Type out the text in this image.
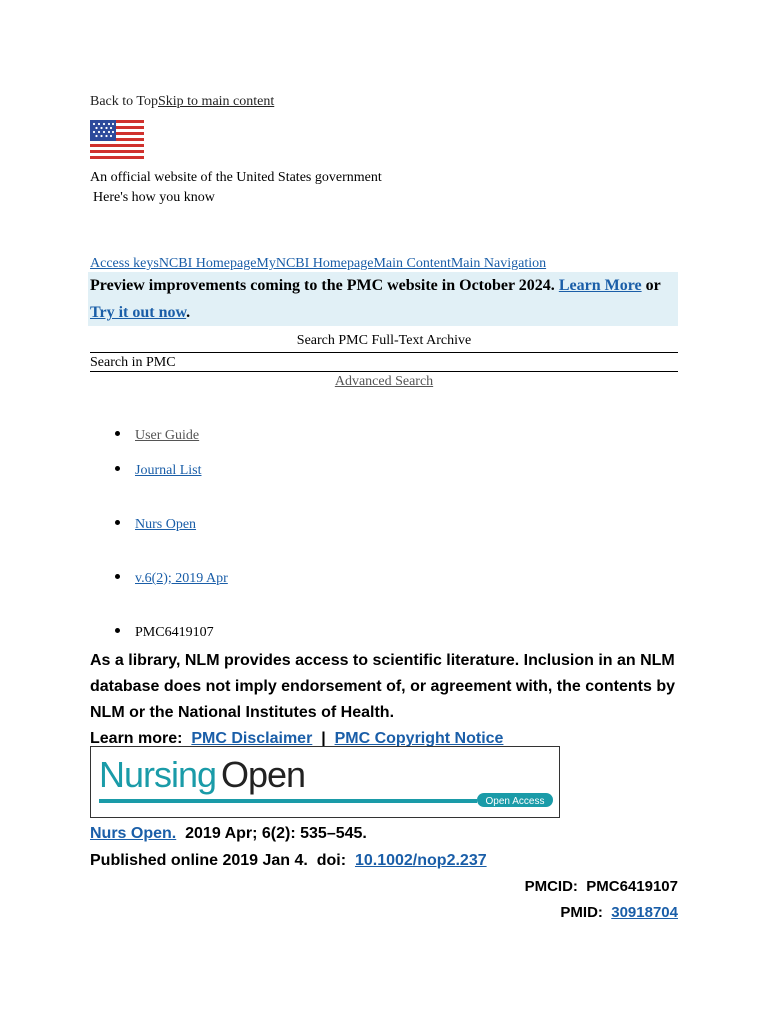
Back to TopSkip to main content
An official website of the United States government
Here's how you know
Access keysNCBI HomepageMyNCBI HomepageMain ContentMain Navigation
Preview improvements coming to the PMC website in October 2024. Learn More or Try it out now.
Search PMC Full-Text Archive
Search in PMC
Advanced Search
User Guide
Journal List
Nurs Open
v.6(2); 2019 Apr
PMC6419107
As a library, NLM provides access to scientific literature. Inclusion in an NLM database does not imply endorsement of, or agreement with, the contents by NLM or the National Institutes of Health.
Learn more: PMC Disclaimer | PMC Copyright Notice
Nursing Open
Open Access
Nurs Open. 2019 Apr; 6(2): 535–545.
Published online 2019 Jan 4. doi: 10.1002/nop2.237
PMCID: PMC6419107
PMID: 30918704
